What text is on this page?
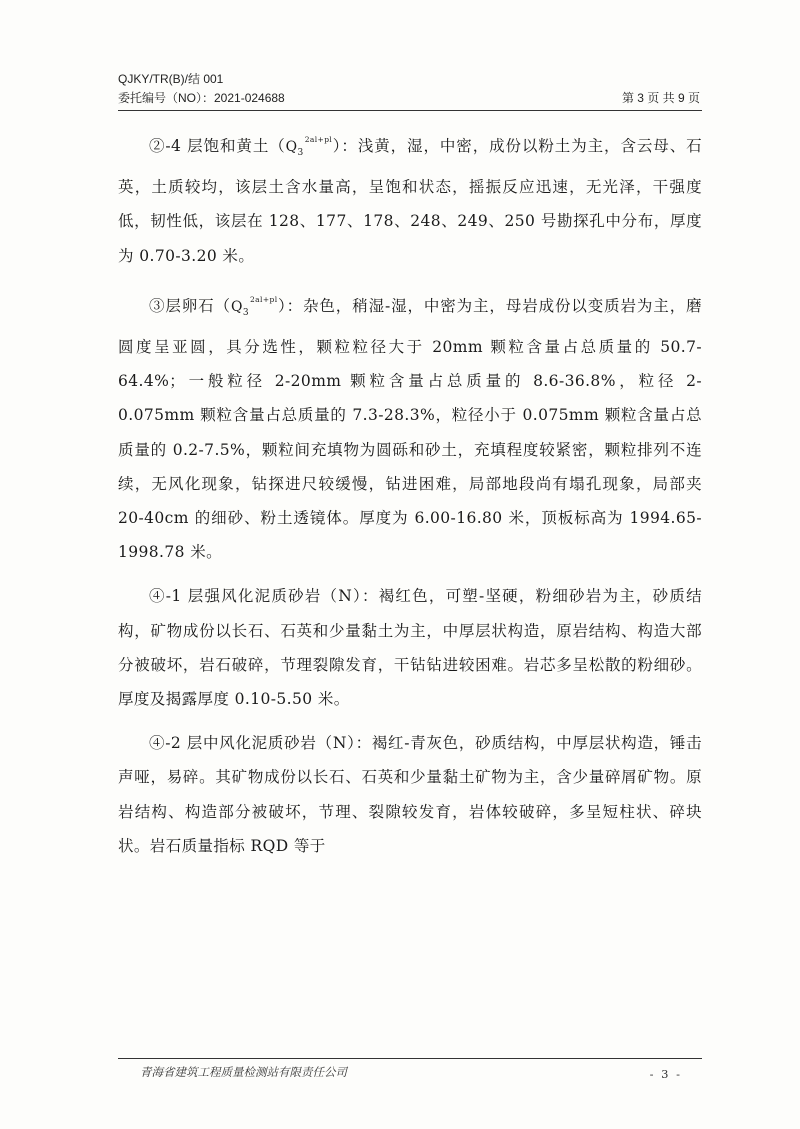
QJKY/TR(B)/结 001
委托编号（NO）：2021-024688	第 3 页 共 9 页

②-4 层饱和黄土$(Q_3^{2al+pl})$：浅黄，湿，中密，成份以粉土为主，含云母、石英，土质较均，该层土含水量高，呈饱和状态，摇振反应迅速，无光泽，干强度低，韧性低，该层在 128、177、178、248、249、250 号勘探孔中分布，厚度为 0.70-3.20 米。

③层卵石$(Q_3^{2al+pl})$：杂色，稍湿-湿，中密为主，母岩成份以变质岩为主，磨圆度呈亚圆，具分选性，颗粒粒径大于 20mm 颗粒含量占总质量的 50.7-64.4%；一般粒径 2-20mm 颗粒含量占总质量的 8.6-36.8%，粒径 2-0.075mm 颗粒含量占总质量的 7.3-28.3%，粒径小于 0.075mm 颗粒含量占总质量的 0.2-7.5%，颗粒间充填物为圆砾和砂土，充填程度较紧密，颗粒排列不连续，无风化现象，钻探进尺较缓慢，钻进困难，局部地段尚有塌孔现象，局部夹 20-40cm 的细砂、粉土透镜体。厚度为 6.00-16.80 米，顶板标高为 1994.65-1998.78 米。

④-1 层强风化泥质砂岩（N）：褐红色，可塑-坚硬，粉细砂岩为主，砂质结构，矿物成份以长石、石英和少量黏土为主，中厚层状构造，原岩结构、构造大部分被破坏，岩石破碎，节理裂隙发育，干钻钻进较困难。岩芯多呈松散的粉细砂。厚度及揭露厚度 0.10-5.50 米。

④-2 层中风化泥质砂岩（N）：褐红-青灰色，砂质结构，中厚层状构造，锤击声哑，易碎。其矿物成份以长石、石英和少量黏土矿物为主，含少量碎屑矿物。原岩结构、构造部分被破坏，节理、裂隙较发育，岩体较破碎，多呈短柱状、碎块状。岩石质量指标 RQD 等于

青海省建筑工程质量检测站有限责任公司	- 3 -
